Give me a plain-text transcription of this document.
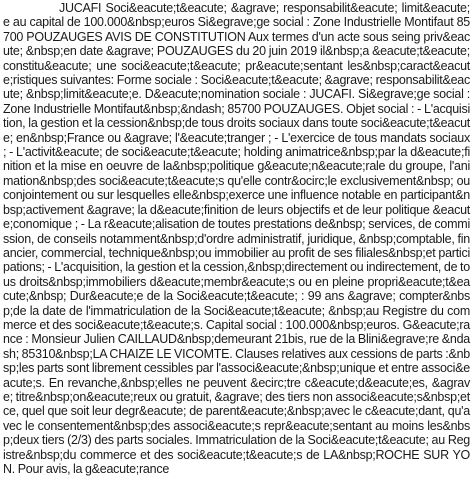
JUCAFI Soci&eacute;t&eacute; &agrave; responsabilit&eacute; limit&eacute;e au capital de 100.000&nbsp;euros Si&egrave;ge social : Zone Industrielle Montifaut 85700 POUZAUGES AVIS DE CONSTITUTION Aux termes d'un acte sous seing priv&eacute; &nbsp;en date &agrave; POUZAUGES du 20 juin 2019 il&nbsp;a &eacute;t&eacute; constitu&eacute; une soci&eacute;t&eacute; pr&eacute;sentant les&nbsp;caract&eacute;ristiques suivantes: Forme sociale : Soci&eacute;t&eacute; &agrave; responsabilit&eacute; &nbsp;limit&eacute;e. D&eacute;nomination sociale : JUCAFI. Si&egrave;ge social : Zone Industrielle Montifaut&nbsp;&ndash; 85700 POUZAUGES. Objet social : - L'acquisition, la gestion et la cession&nbsp;de tous droits sociaux dans toute soci&eacute;t&eacute; en&nbsp;France ou &agrave; l'&eacute;tranger ; - L'exercice de tous mandats sociaux ; - L'activit&eacute; de soci&eacute;t&eacute; holding animatrice&nbsp;par la d&eacute;finition et la mise en oeuvre de la&nbsp;politique g&eacute;n&eacute;rale du groupe, l'animation&nbsp;des soci&eacute;t&eacute;s qu'elle contr&ocirc;le exclusivement&nbsp; ou conjointement ou sur lesquelles elle&nbsp;exerce une influence notable en participant&nbsp;activement &agrave; la d&eacute;finition de leurs objectifs et de leur politique &eacute;conomique ; - La r&eacute;alisation de toutes prestations de&nbsp; services, de commission, de conseils notamment&nbsp;d'ordre administratif, juridique, &nbsp;comptable, financier, commercial, technique&nbsp;ou immobilier au profit de ses filiales&nbsp;et participations; - L'acquisition, la gestion et la cession,&nbsp;directement ou indirectement, de tous droits&nbsp;immobiliers d&eacute;membr&eacute;s ou en pleine propri&eacute;t&eacute;&nbsp; Dur&eacute;e de la Soci&eacute;t&eacute; : 99 ans &agrave; compter&nbsp;de la date de l'immatriculation de la Soci&eacute;t&eacute; &nbsp;au Registre du commerce et des soci&eacute;t&eacute;s. Capital social : 100.000&nbsp;euros. G&eacute;rance : Monsieur Julien CAILLAUD&nbsp;demeurant 21bis, rue de la Blini&egrave;re &ndash; 85310&nbsp;LA CHAIZE LE VICOMTE. Clauses relatives aux cessions de parts :&nbsp;les parts sont librement cessibles par l'associ&eacute;&nbsp;unique et entre associ&eacute;s. En revanche,&nbsp;elles ne peuvent &ecirc;tre c&eacute;d&eacute;es, &agrave; titre&nbsp;on&eacute;reux ou gratuit, &agrave; des tiers non associ&eacute;s&nbsp;et ce, quel que soit leur degr&eacute; de parent&eacute;&nbsp;avec le c&eacute;dant, qu'avec le consentement&nbsp;des associ&eacute;s repr&eacute;sentant au moins les&nbsp;deux tiers (2/3) des parts sociales. Immatriculation de la Soci&eacute;t&eacute; au Registre&nbsp;du commerce et des soci&eacute;t&eacute;s de LA&nbsp;ROCHE SUR YON. Pour avis, la g&eacute;rance
